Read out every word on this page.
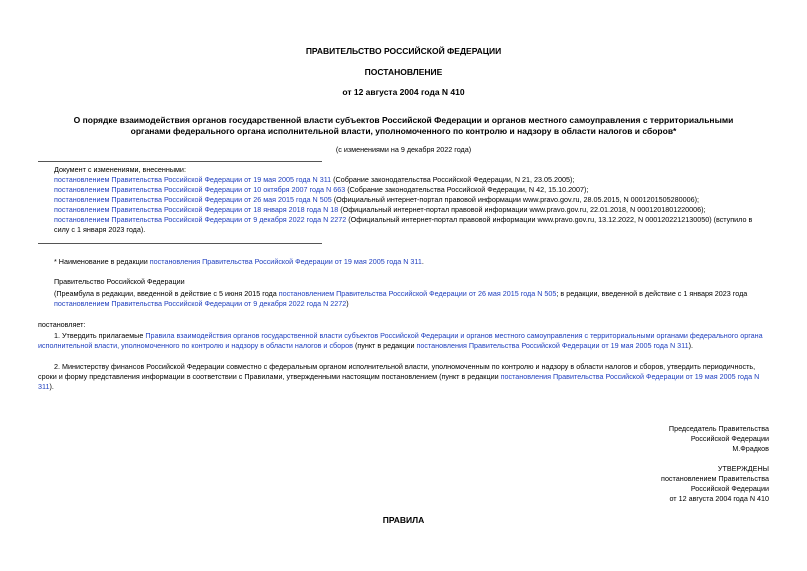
ПРАВИТЕЛЬСТВО РОССИЙСКОЙ ФЕДЕРАЦИИ
ПОСТАНОВЛЕНИЕ
от 12 августа 2004 года N 410
О порядке взаимодействия органов государственной власти субъектов Российской Федерации и органов местного самоуправления с территориальными
органами федерального органа исполнительной власти, уполномоченного по контролю и надзору в области налогов и сборов*
(с изменениями на 9 декабря 2022 года)
Документ с изменениями, внесенными:
постановлением Правительства Российской Федерации от 19 мая 2005 года N 311 (Собрание законодательства Российской Федерации, N 21, 23.05.2005);
постановлением Правительства Российской Федерации от 10 октября 2007 года N 663 (Собрание законодательства Российской Федерации, N 42, 15.10.2007);
постановлением Правительства Российской Федерации от 26 мая 2015 года N 505 (Официальный интернет-портал правовой информации www.pravo.gov.ru, 28.05.2015, N 0001201505280006);
постановлением Правительства Российской Федерации от 18 января 2018 года N 18 (Официальный интернет-портал правовой информации www.pravo.gov.ru, 22.01.2018, N 0001201801220006);
постановлением Правительства Российской Федерации от 9 декабря 2022 года N 2272 (Официальный интернет-портал правовой информации www.pravo.gov.ru, 13.12.2022, N 0001202212130050) (вступило в
силу с 1 января 2023 года).
* Наименование в редакции постановления Правительства Российской Федерации от 19 мая 2005 года N 311.
Правительство Российской Федерации
(Преамбула в редакции, введенной в действие с 5 июня 2015 года постановлением Правительства Российской Федерации от 26 мая 2015 года N 505; в редакции, введенной в действие с 1 января 2023 года
постановлением Правительства Российской Федерации от 9 декабря 2022 года N 2272)
постановляет:
1. Утвердить прилагаемые Правила взаимодействия органов государственной власти субъектов Российской Федерации и органов местного самоуправления с территориальными органами федерального органа
исполнительной власти, уполномоченного по контролю и надзору в области налогов и сборов (пункт в редакции постановления Правительства Российской Федерации от 19 мая 2005 года N 311).
2. Министерству финансов Российской Федерации совместно с федеральным органом исполнительной власти, уполномоченным по контролю и надзору в области налогов и сборов, утвердить периодичность,
сроки и форму представления информации в соответствии с Правилами, утвержденными настоящим постановлением (пункт в редакции постановления Правительства Российской Федерации от 19 мая 2005 года N
311).
Председатель Правительства
Российской Федерации
М.Фрадков
УТВЕРЖДЕНЫ
постановлением Правительства
Российской Федерации
от 12 августа 2004 года N 410
ПРАВИЛА
